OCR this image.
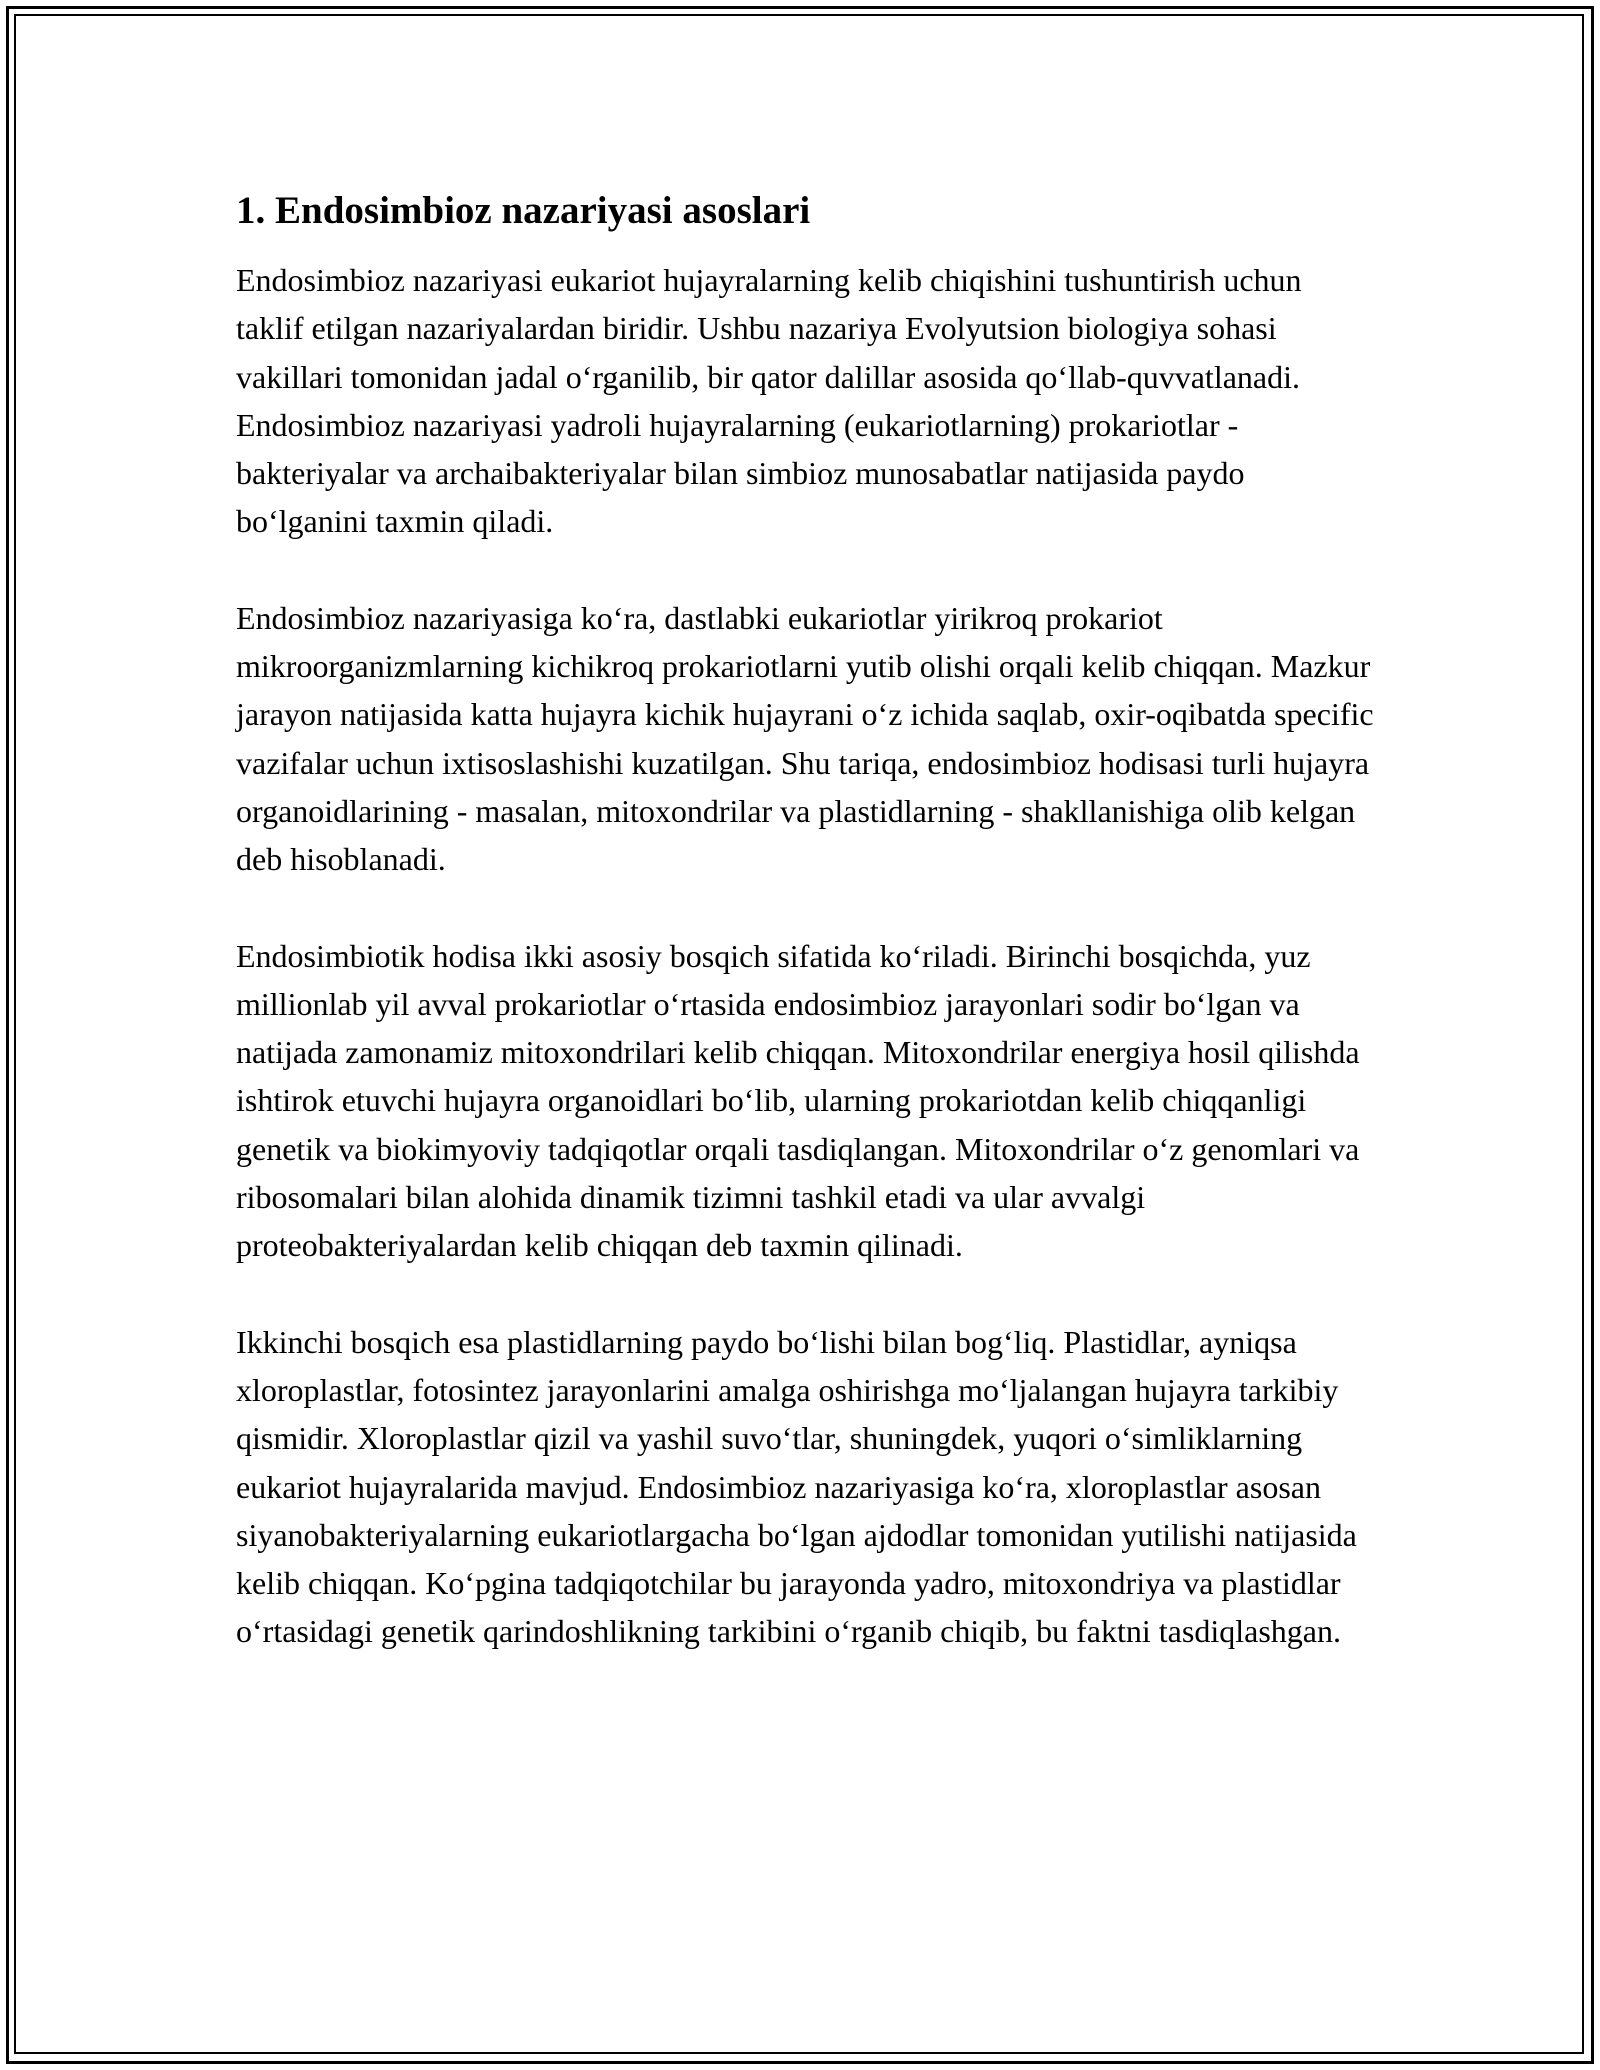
1. Endosimbioz nazariyasi asoslari

Endosimbioz nazariyasi eukariot hujayralarning kelib chiqishini tushuntirish uchun taklif etilgan nazariyalardan biridir. Ushbu nazariya Evolyutsion biologiya sohasi vakillari tomonidan jadal o‘rganilib, bir qator dalillar asosida qo‘llab-quvvatlanadi. Endosimbioz nazariyasi yadroli hujayralarning (eukariotlarning) prokariotlar - bakteriyalar va archaibakteriyalar bilan simbioz munosabatlar natijasida paydo bo‘lganini taxmin qiladi.

Endosimbioz nazariyasiga ko‘ra, dastlabki eukariotlar yirikroq prokariot mikroorganizmlarning kichikroq prokariotlarni yutib olishi orqali kelib chiqqan. Mazkur jarayon natijasida katta hujayra kichik hujayrani o‘z ichida saqlab, oxir-oqibatda specific vazifalar uchun ixtisoslashishi kuzatilgan. Shu tariqa, endosimbioz hodisasi turli hujayra organoidlarining - masalan, mitoxondrilar va plastidlarning - shakllanishiga olib kelgan deb hisoblanadi.

Endosimbiotik hodisa ikki asosiy bosqich sifatida ko‘riladi. Birinchi bosqichda, yuz millionlab yil avval prokariotlar o‘rtasida endosimbioz jarayonlari sodir bo‘lgan va natijada zamonamiz mitoxondrilari kelib chiqqan. Mitoxondrilar energiya hosil qilishda ishtirok etuvchi hujayra organoidlari bo‘lib, ularning prokariotdan kelib chiqqanligi genetik va biokimyoviy tadqiqotlar orqali tasdiqlangan. Mitoxondrilar o‘z genomlari va ribosomalari bilan alohida dinamik tizimni tashkil etadi va ular avvalgi proteobakteriyalardan kelib chiqqan deb taxmin qilinadi.

Ikkinchi bosqich esa plastidlarning paydo bo‘lishi bilan bog‘liq. Plastidlar, ayniqsa xloroplastlar, fotosintez jarayonlarini amalga oshirishga mo‘ljalangan hujayra tarkibiy qismidir. Xloroplastlar qizil va yashil suvo‘tlar, shuningdek, yuqori o‘simliklarning eukariot hujayralarida mavjud. Endosimbioz nazariyasiga ko‘ra, xloroplastlar asosan siyanobakteriyalarning eukariotlargacha bo‘lgan ajdodlar tomonidan yutilishi natijasida kelib chiqqan. Ko‘pgina tadqiqotchilar bu jarayonda yadro, mitoxondriya va plastidlar o‘rtasidagi genetik qarindoshlikning tarkibini o‘rganib chiqib, bu faktni tasdiqlashgan.
